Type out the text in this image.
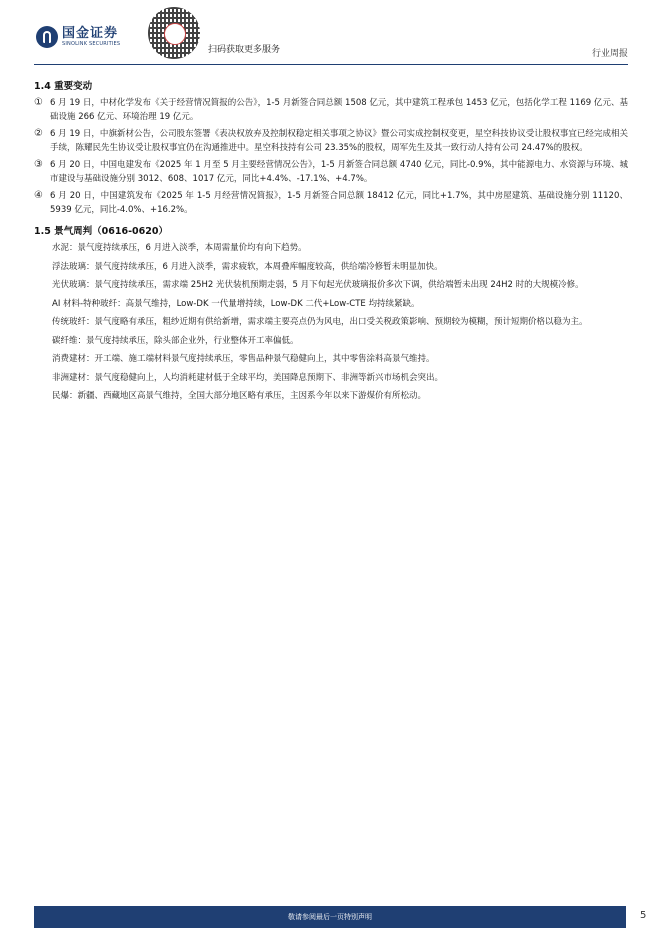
国金证券
SINOLINK SECURITIES
扫码获取更多服务	行业周报
1.4 重要变动
① 6 月 19 日，中材化学发布《关于经营情况简报的公告》，1-5 月新签合同总额 1508 亿元，其中建筑工程承包 1453 亿元，包括化学工程 1169 亿元、基础设施 266 亿元、环境治理 19 亿元。
② 6 月 19 日，中旗新材公告，公司股东签署《表决权放弃及控制权稳定相关事项之协议》暨公司实成控制权变更，星空科技协议受让股权事宜已经完成相关手续，陈耀民先生协议受让股权事宜仍在沟通推进中。星空科技持有公司 23.35%的股权，周军先生及其一致行动人持有公司 24.47%的股权。
③ 6 月 20 日，中国电建发布《2025 年 1 月至 5 月主要经营情况公告》，1-5 月新签合同总额 4740 亿元，同比-0.9%，其中能源电力、水资源与环境、城市建设与基础设施分别 3012、608、1017 亿元，同比+4.4%、-17.1%、+4.7%。
④ 6 月 20 日，中国建筑发布《2025 年 1-5 月经营情况简报》，1-5 月新签合同总额 18412 亿元，同比+1.7%，其中房屋建筑、基础设施分别 11120、5939 亿元，同比-4.0%、+16.2%。
1.5 景气周判（0616-0620）

水泥：景气度持续承压，6 月进入淡季，本周需量价均有向下趋势。

浮法玻璃：景气度持续承压，6 月进入淡季，需求疲软，本周叠库幅度较高，供给端冷修暂未明显加快。

光伏玻璃：景气度持续承压，需求端 25H2 光伏装机预期走弱，5 月下旬起光伏玻璃报价多次下调，供给端暂未出现 24H2 时的大规模冷修。

AI 材料-特种玻纤：高景气维持，Low-DK 一代量增持续，Low-DK 二代+Low-CTE 均持续紧缺。

传统玻纤：景气度略有承压，粗纱近期有供给新增，需求端主要亮点仍为风电，出口受关税政策影响、预期较为模糊，预计短期价格以稳为主。

碳纤维：景气度持续承压，除头部企业外，行业整体开工率偏低。

消费建材：开工端、施工端材料景气度持续承压，零售品种景气稳健向上，其中零售涂料高景气维持。

非洲建材：景气度稳健向上，人均消耗建材低于全球平均，美国降息预期下、非洲等新兴市场机会突出。

民爆：新疆、西藏地区高景气维持，全国大部分地区略有承压，主因系今年以来下游煤价有所松动。

敬请参阅最后一页特别声明	5
